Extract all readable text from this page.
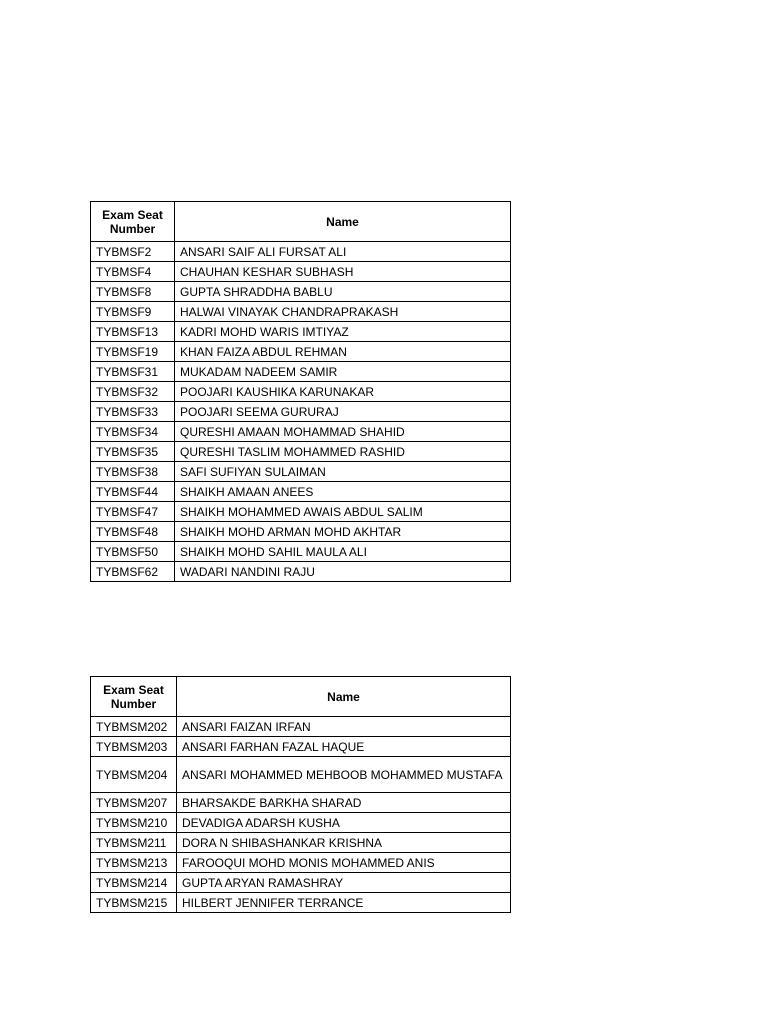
Exam Seat Number	Name
TYBMSF2	ANSARI SAIF ALI FURSAT ALI
TYBMSF4	CHAUHAN KESHAR SUBHASH
TYBMSF8	GUPTA SHRADDHA BABLU
TYBMSF9	HALWAI VINAYAK CHANDRAPRAKASH
TYBMSF13	KADRI MOHD WARIS IMTIYAZ
TYBMSF19	KHAN FAIZA ABDUL REHMAN
TYBMSF31	MUKADAM NADEEM SAMIR
TYBMSF32	POOJARI KAUSHIKA KARUNAKAR
TYBMSF33	POOJARI SEEMA GURURAJ
TYBMSF34	QURESHI AMAAN MOHAMMAD SHAHID
TYBMSF35	QURESHI TASLIM MOHAMMED RASHID
TYBMSF38	SAFI SUFIYAN SULAIMAN
TYBMSF44	SHAIKH AMAAN ANEES
TYBMSF47	SHAIKH MOHAMMED AWAIS ABDUL SALIM
TYBMSF48	SHAIKH MOHD ARMAN MOHD AKHTAR
TYBMSF50	SHAIKH MOHD SAHIL MAULA ALI
TYBMSF62	WADARI NANDINI RAJU
Exam Seat Number	Name
TYBMSM202	ANSARI FAIZAN IRFAN
TYBMSM203	ANSARI FARHAN FAZAL HAQUE
TYBMSM204	ANSARI MOHAMMED MEHBOOB MOHAMMED MUSTAFA
TYBMSM207	BHARSAKDE BARKHA SHARAD
TYBMSM210	DEVADIGA ADARSH KUSHA
TYBMSM211	DORA N SHIBASHANKAR KRISHNA
TYBMSM213	FAROOQUI MOHD MONIS MOHAMMED ANIS
TYBMSM214	GUPTA ARYAN RAMASHRAY
TYBMSM215	HILBERT JENNIFER TERRANCE
